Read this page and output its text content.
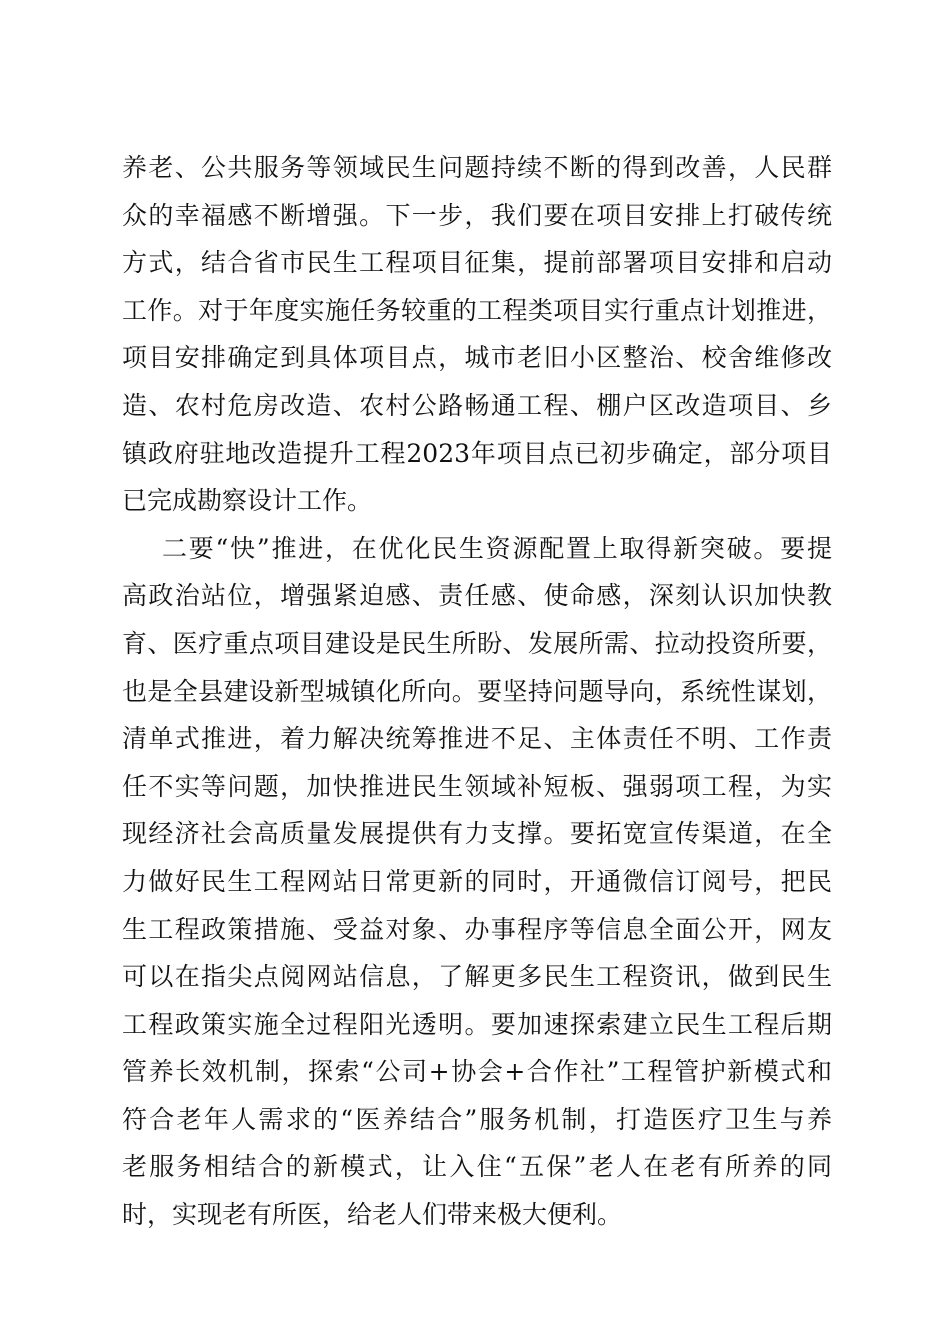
养老、公共服务等领域民生问题持续不断的得到改善，人民群
众的幸福感不断增强。下一步，我们要在项目安排上打破传统
方式，结合省市民生工程项目征集，提前部署项目安排和启动
工作。对于年度实施任务较重的工程类项目实行重点计划推进，
项目安排确定到具体项目点，城市老旧小区整治、校舍维修改
造、农村危房改造、农村公路畅通工程、棚户区改造项目、乡
镇政府驻地改造提升工程2023年项目点已初步确定，部分项目
已完成勘察设计工作。
二要“快”推进，在优化民生资源配置上取得新突破。要提
高政治站位，增强紧迫感、责任感、使命感，深刻认识加快教
育、医疗重点项目建设是民生所盼、发展所需、拉动投资所要，
也是全县建设新型城镇化所向。要坚持问题导向，系统性谋划，
清单式推进，着力解决统筹推进不足、主体责任不明、工作责
任不实等问题，加快推进民生领域补短板、强弱项工程，为实
现经济社会高质量发展提供有力支撑。要拓宽宣传渠道，在全
力做好民生工程网站日常更新的同时，开通微信订阅号，把民
生工程政策措施、受益对象、办事程序等信息全面公开，网友
可以在指尖点阅网站信息，了解更多民生工程资讯，做到民生
工程政策实施全过程阳光透明。要加速探索建立民生工程后期
管养长效机制，探索“公司+协会+合作社”工程管护新模式和
符合老年人需求的“医养结合”服务机制，打造医疗卫生与养
老服务相结合的新模式，让入住“五保”老人在老有所养的同
时，实现老有所医，给老人们带来极大便利。
